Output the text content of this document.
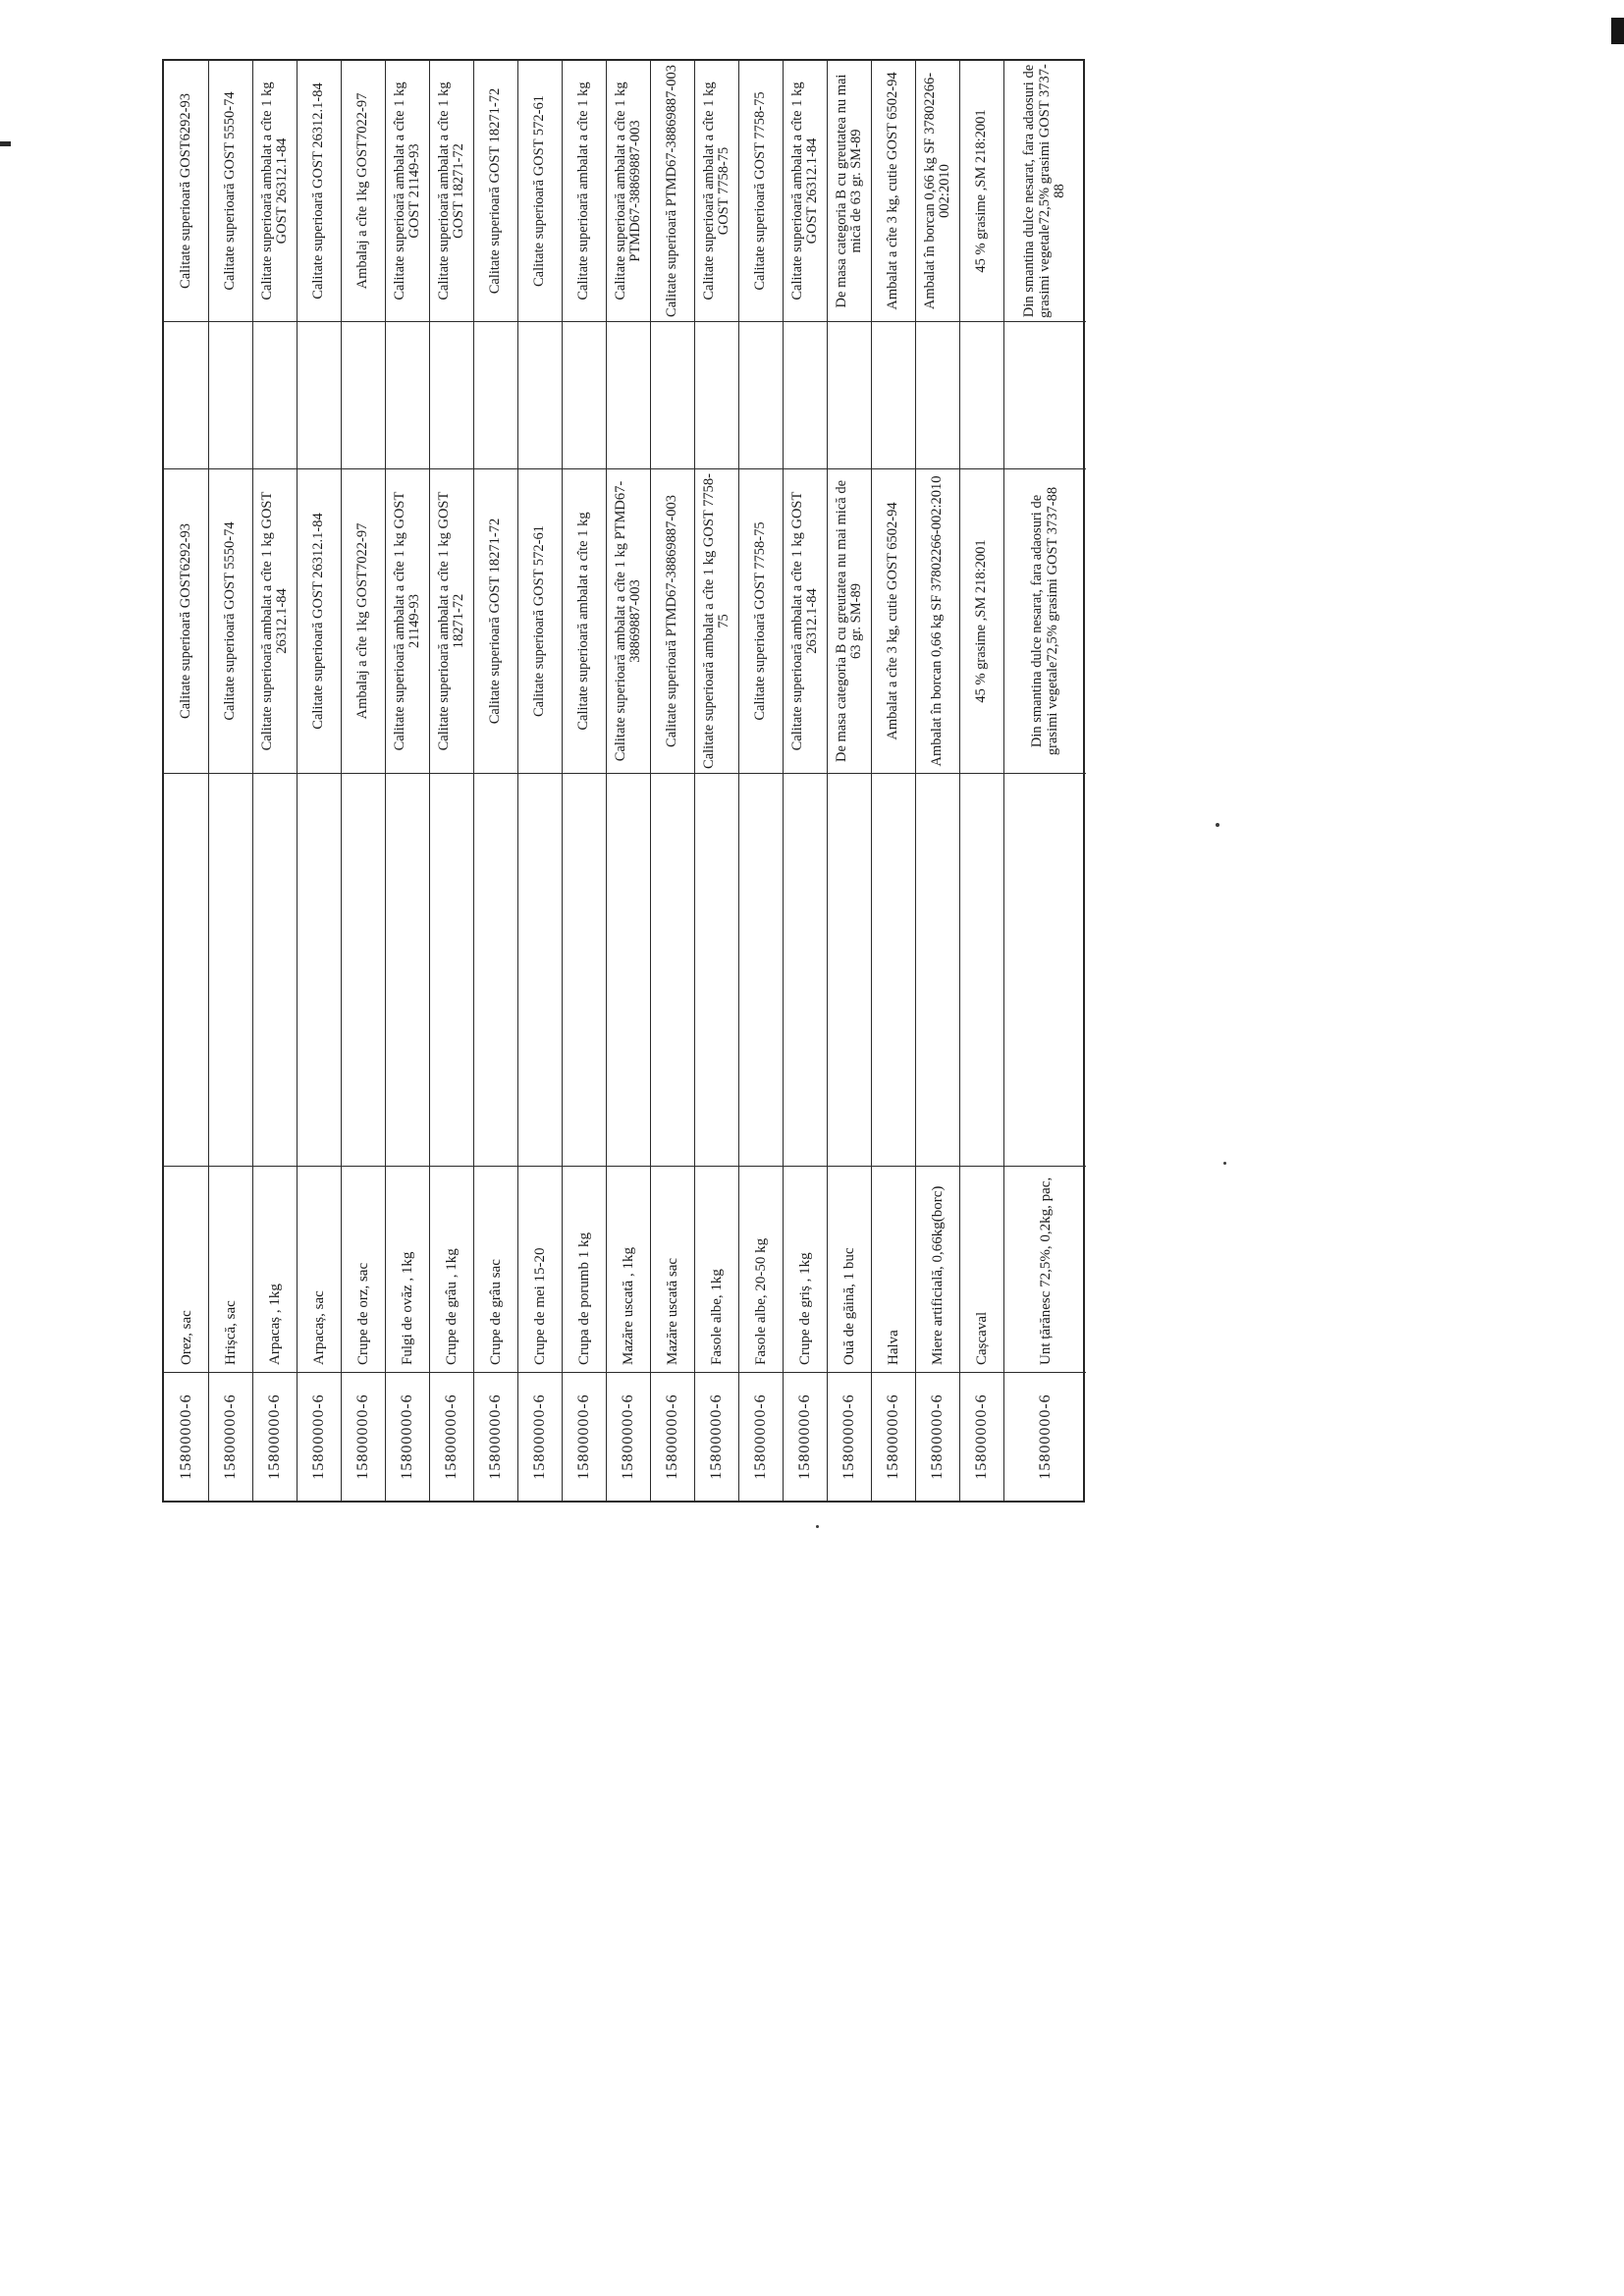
15800000-6
Orez, sac
Calitate superioară GOST6292-93
Calitate superioară GOST6292-93
15800000-6
Hrișcă, sac
Calitate superioară GOST 5550-74
Calitate superioară GOST 5550-74
15800000-6
Arpacaș , 1kg
Calitate superioară ambalat a cîte 1 kg GOST 26312.1-84
Calitate superioară ambalat a cîte 1 kg GOST 26312.1-84
15800000-6
Arpacaș, sac
Calitate superioară GOST 26312.1-84
Calitate superioară GOST 26312.1-84
15800000-6
Crupe de orz, sac
Ambalaj a cîte 1kg GOST7022-97
Ambalaj a cîte 1kg GOST7022-97
15800000-6
Fulgi de ovăz , 1kg
Calitate superioară ambalat a cîte 1 kg GOST 21149-93
Calitate superioară ambalat a cîte 1 kg GOST 21149-93
15800000-6
Crupe de grâu , 1kg
Calitate superioară ambalat a cîte 1 kg GOST 18271-72
Calitate superioară ambalat a cîte 1 kg GOST 18271-72
15800000-6
Crupe de grâu sac
Calitate superioară GOST 18271-72
Calitate superioară GOST 18271-72
15800000-6
Crupe de mei 15-20
Calitate superioară GOST 572-61
Calitate superioară GOST 572-61
15800000-6
Crupa de porumb 1 kg
Calitate superioară ambalat a cîte 1 kg
Calitate superioară ambalat a cîte 1 kg
15800000-6
Mazăre uscată , 1kg
Calitate superioară ambalat a cîte 1 kg PTMD67-38869887-003
Calitate superioară ambalat a cîte 1 kg PTMD67-38869887-003
15800000-6
Mazăre uscată sac
Calitate superioară PTMD67-38869887-003
Calitate superioară PTMD67-38869887-003
15800000-6
Fasole albe, 1kg
Calitate superioară ambalat a cîte 1 kg GOST 7758-75
Calitate superioară ambalat a cîte 1 kg GOST 7758-75
15800000-6
Fasole albe, 20-50 kg
Calitate superioară GOST 7758-75
Calitate superioară GOST 7758-75
15800000-6
Crupe de griș , 1kg
Calitate superioară ambalat a cîte 1 kg GOST 26312.1-84
Calitate superioară ambalat a cîte 1 kg GOST 26312.1-84
15800000-6
Ouă de găină, 1 buc
De masa categoria B cu greutatea nu mai mică de 63 gr. SM-89
De masa categoria B cu greutatea nu mai mică de 63 gr. SM-89
15800000-6
Halva
Ambalat a cîte 3 kg, cutie GOST 6502-94
Ambalat a cîte 3 kg, cutie GOST 6502-94
15800000-6
Miere artificială, 0,66kg(borc)
Ambalat în borcan 0,66 kg SF 37802266-002:2010
Ambalat în borcan 0,66 kg SF 37802266-002:2010
15800000-6
Cașcaval
45 % grasime ,SM 218:2001
45 % grasime ,SM 218:2001
15800000-6
Unt țărănesc 72,5%, 0,2kg, pac,
Din smantina dulce nesarat, fara adaosuri de grasimi vegetale72,5% grasimi GOST 3737-88
Din smantina dulce nesarat, fara adaosuri de grasimi vegetale72,5% grasimi GOST 3737-88
